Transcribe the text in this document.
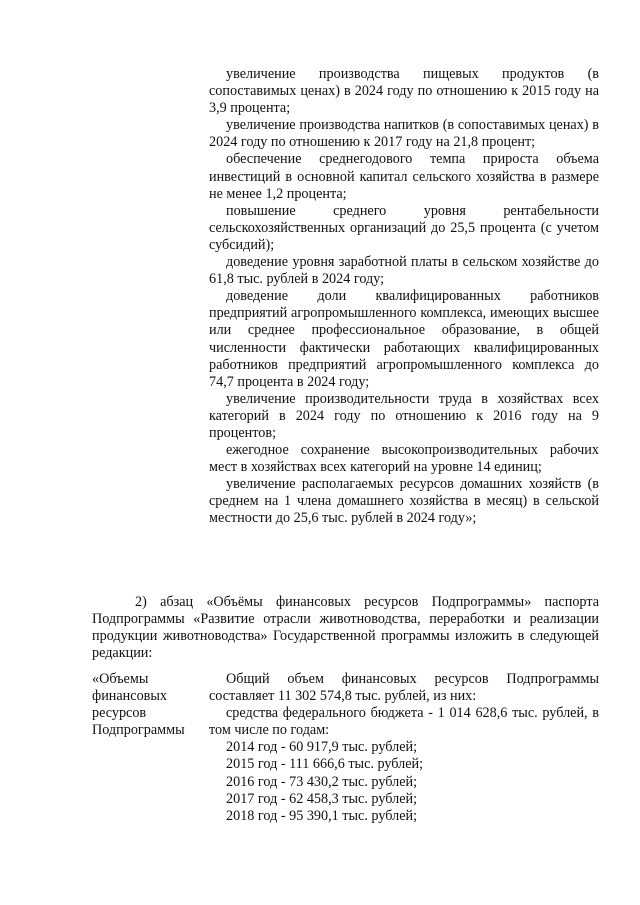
увеличение производства пищевых продуктов (в сопоставимых ценах) в 2024 году по отношению к 2015 году на 3,9 процента;

увеличение производства напитков (в сопоставимых ценах) в 2024 году по отношению к 2017 году на 21,8 процент;

обеспечение среднегодового темпа прироста объема инвестиций в основной капитал сельского хозяйства в размере не менее 1,2 процента;

повышение среднего уровня рентабельности сельскохозяйственных организаций до 25,5 процента (с учетом субсидий);

доведение уровня заработной платы в сельском хозяйстве до 61,8 тыс. рублей в 2024 году;

доведение доли квалифицированных работников предприятий агропромышленного комплекса, имеющих высшее или среднее профессиональное образование, в общей численности фактически работающих квалифицированных работников предприятий агропромышленного комплекса до 74,7 процента в 2024 году;

увеличение производительности труда в хозяйствах всех категорий в 2024 году по отношению к 2016 году на 9 процентов;

ежегодное сохранение высокопроизводительных рабочих мест в хозяйствах всех категорий на уровне 14 единиц;

увеличение располагаемых ресурсов домашних хозяйств (в среднем на 1 члена домашнего хозяйства в месяц) в сельской местности до 25,6 тыс. рублей в 2024 году»;

2) абзац «Объёмы финансовых ресурсов Подпрограммы» паспорта Подпрограммы «Развитие отрасли животноводства, переработки и реализации продукции животноводства» Государственной программы изложить в следующей редакции:

«Объемы
финансовых
ресурсов
Подпрограммы

Общий объем финансовых ресурсов Подпрограммы составляет 11 302 574,8 тыс. рублей, из них:

средства федерального бюджета - 1 014 628,6 тыс. рублей, в том числе по годам:

2014 год - 60 917,9 тыс. рублей;
2015 год - 111 666,6 тыс. рублей;
2016 год - 73 430,2 тыс. рублей;
2017 год - 62 458,3 тыс. рублей;
2018 год - 95 390,1 тыс. рублей;
